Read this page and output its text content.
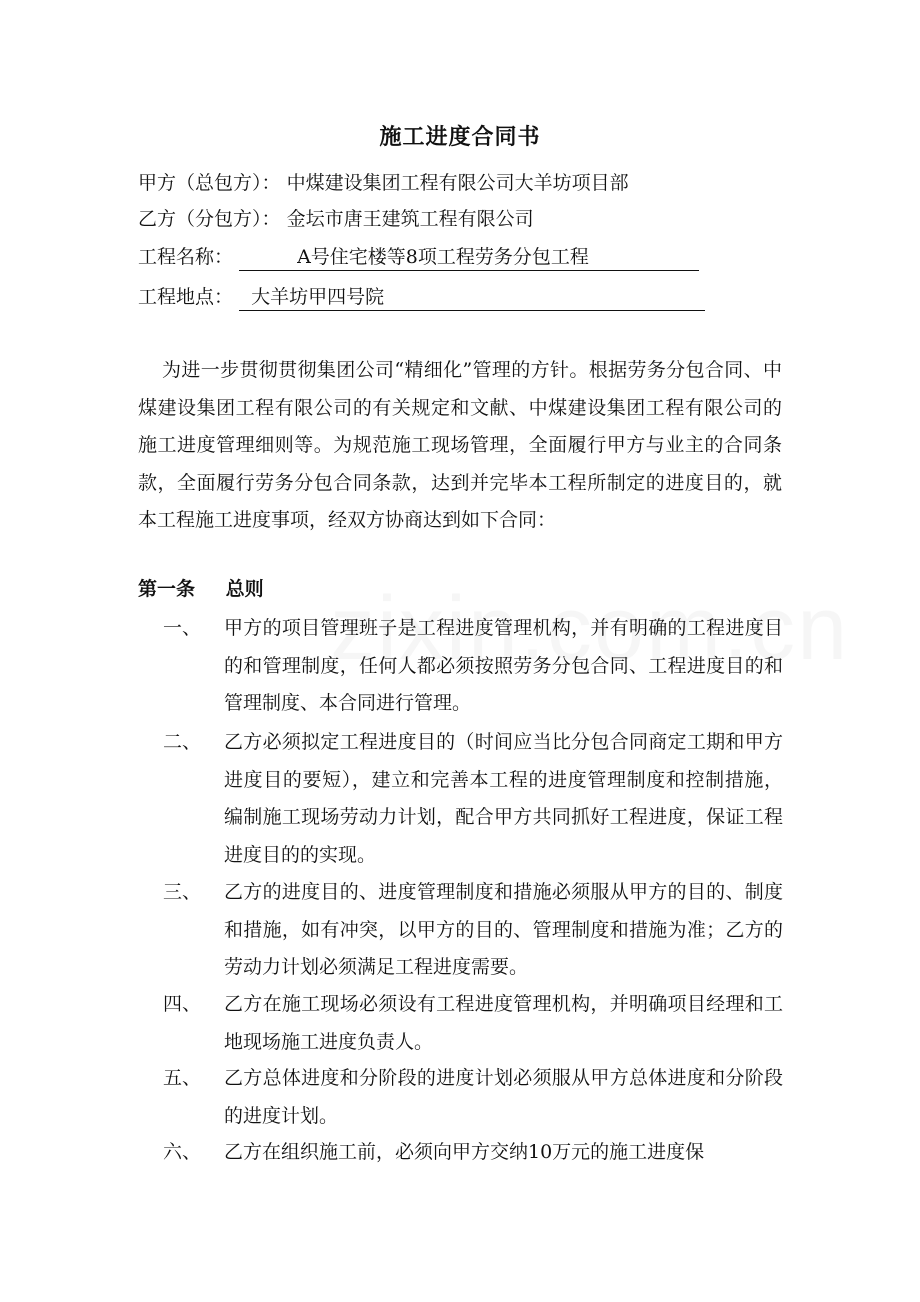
施工进度合同书
甲方（总包方）： 中煤建设集团工程有限公司大羊坊项目部
乙方（分包方）： 金坛市唐王建筑工程有限公司
工程名称：	A号住宅楼等8项工程劳务分包工程
工程地点： 大羊坊甲四号院

为进一步贯彻贯彻集团公司“精细化”管理的方针。根据劳务分包合同、中煤建设集团工程有限公司的有关规定和文献、中煤建设集团工程有限公司的施工进度管理细则等。为规范施工现场管理，全面履行甲方与业主的合同条款，全面履行劳务分包合同条款，达到并完毕本工程所制定的进度目的，就本工程施工进度事项，经双方协商达到如下合同：

第一条 总则
一、	甲方的项目管理班子是工程进度管理机构，并有明确的工程进度目的和管理制度，任何人都必须按照劳务分包合同、工程进度目的和管理制度、本合同进行管理。
二、	乙方必须拟定工程进度目的（时间应当比分包合同商定工期和甲方进度目的要短），建立和完善本工程的进度管理制度和控制措施，编制施工现场劳动力计划，配合甲方共同抓好工程进度，保证工程进度目的的实现。
三、	乙方的进度目的、进度管理制度和措施必须服从甲方的目的、制度和措施，如有冲突，以甲方的目的、管理制度和措施为准；乙方的劳动力计划必须满足工程进度需要。
四、	乙方在施工现场必须设有工程进度管理机构，并明确项目经理和工地现场施工进度负责人。
五、	乙方总体进度和分阶段的进度计划必须服从甲方总体进度和分阶段的进度计划。
六、	乙方在组织施工前，必须向甲方交纳10万元的施工进度保
